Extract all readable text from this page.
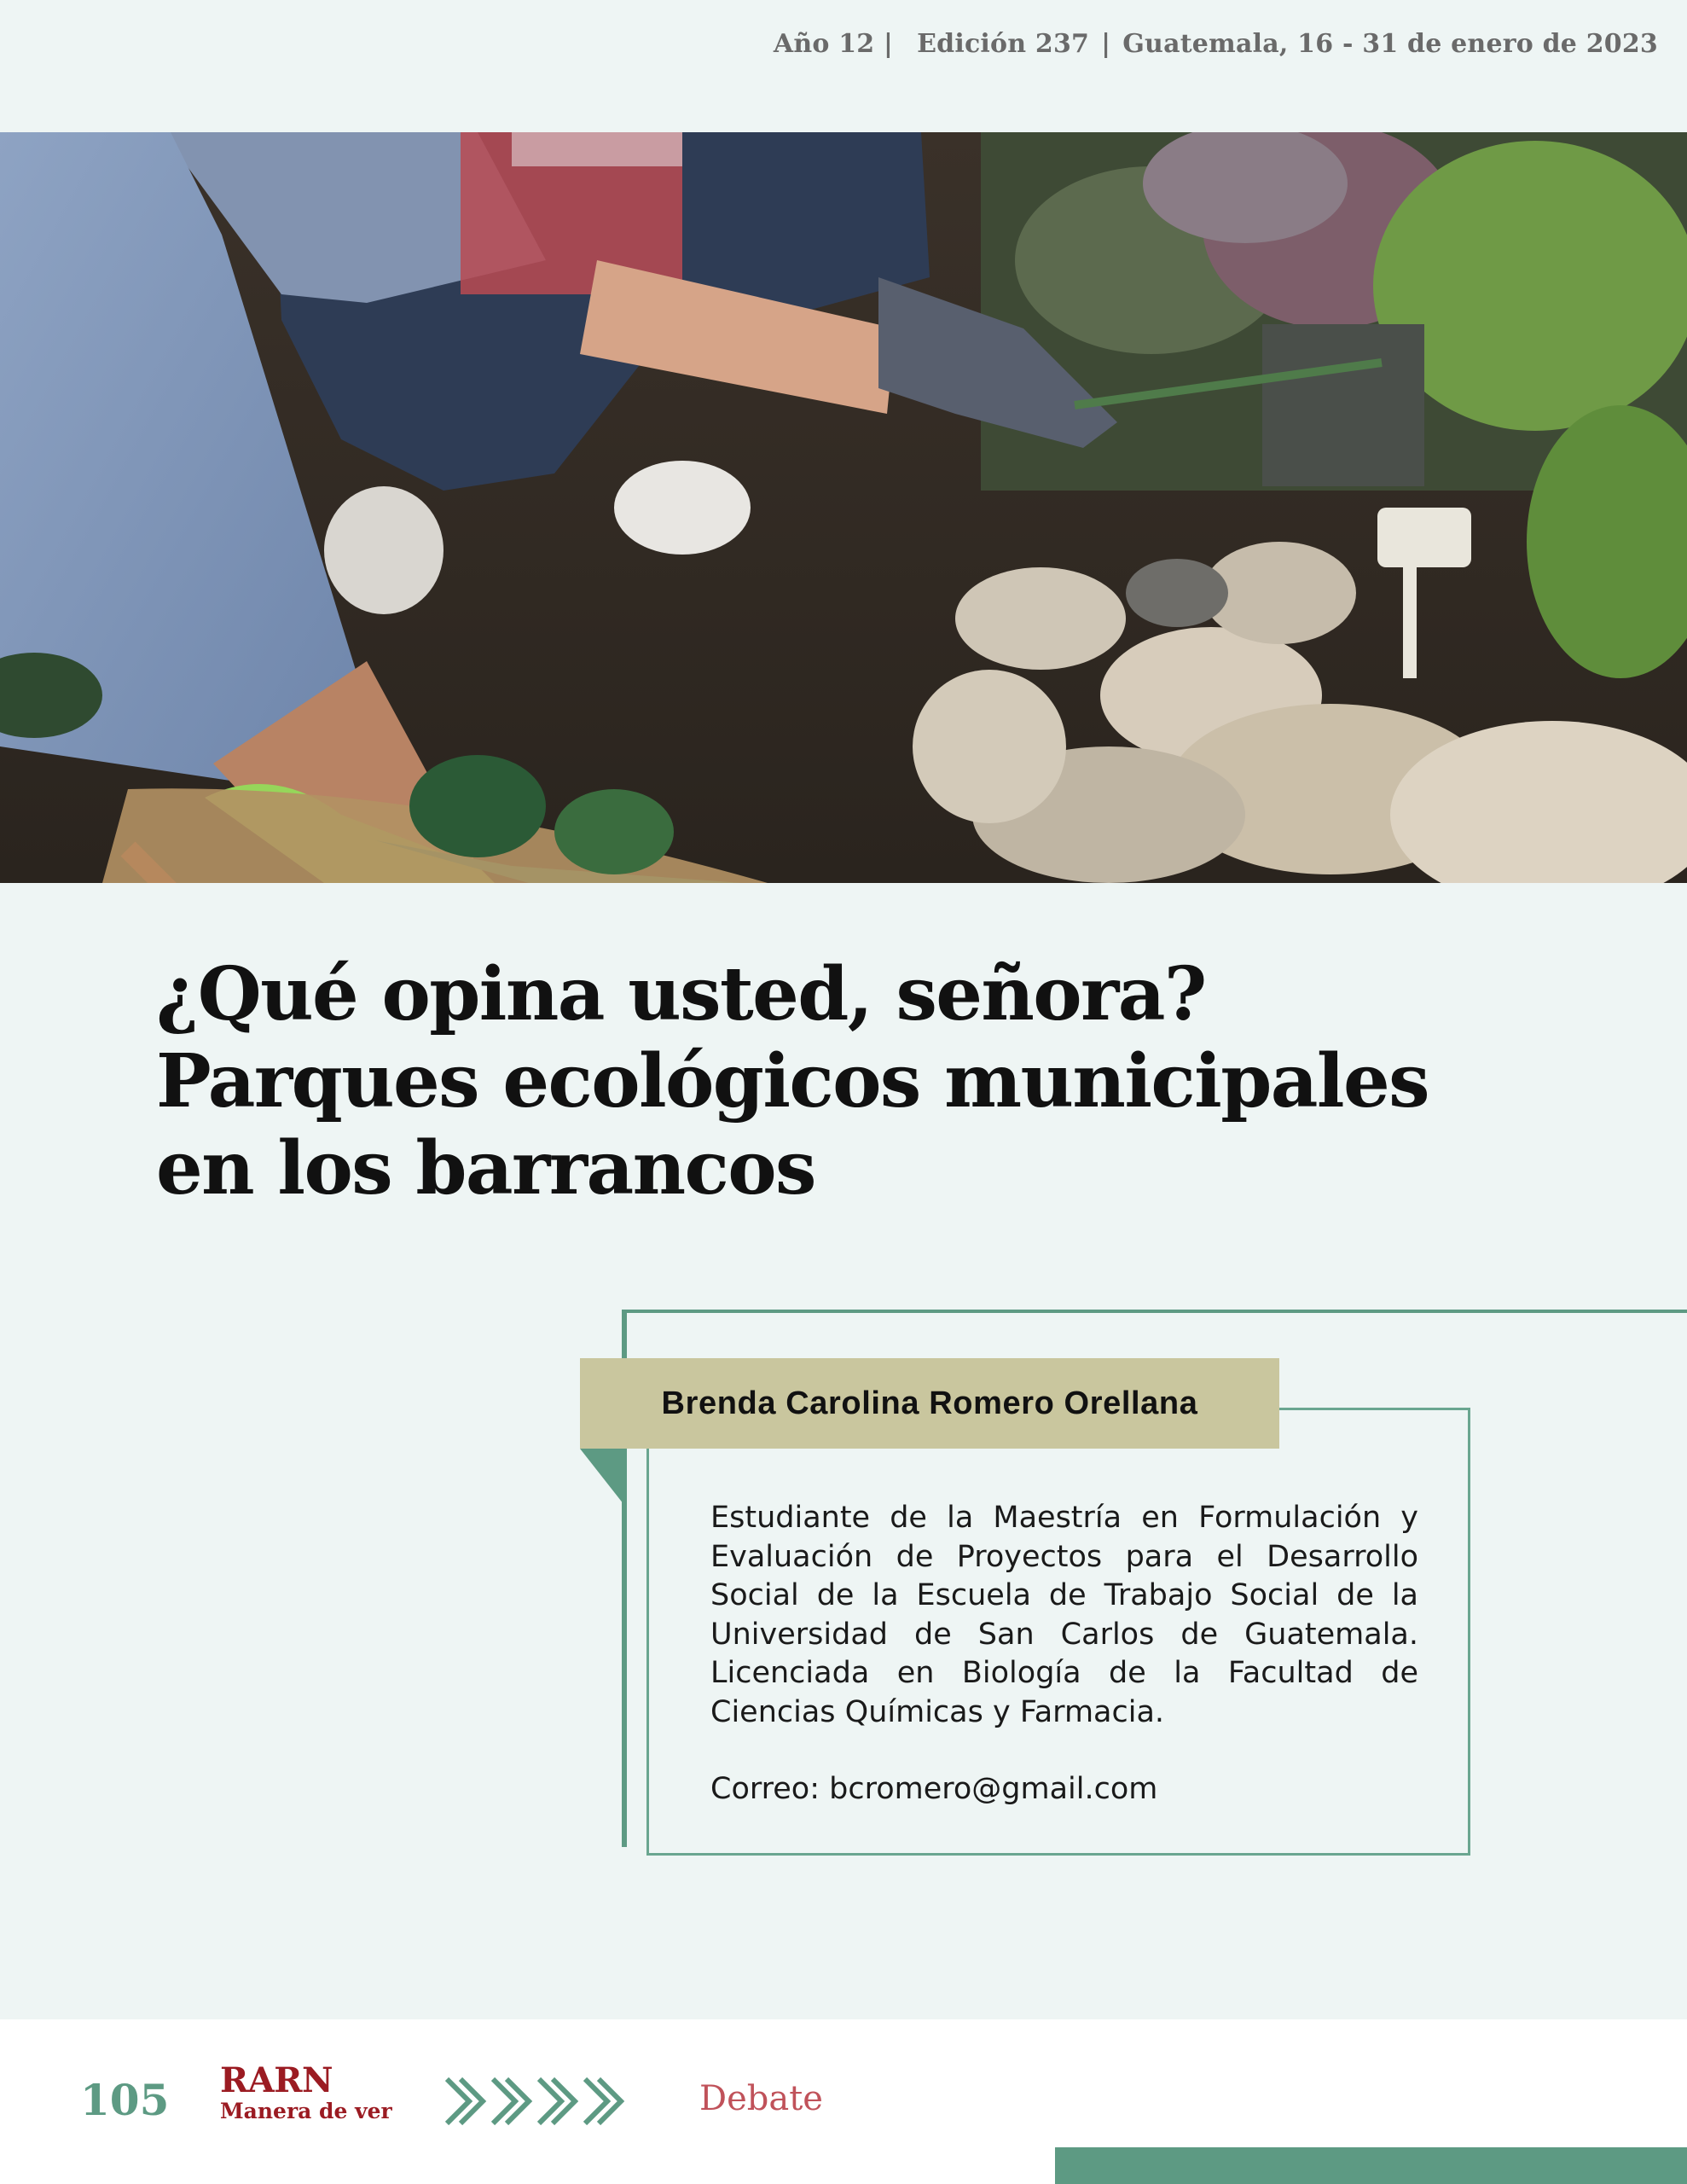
Año 12 | Edición 237 | Guatemala, 16 - 31 de enero de 2023
¿Qué opina usted, señora?
Parques ecológicos municipales
en los barrancos
Brenda Carolina Romero Orellana

Estudiante de la Maestría en Formulación y Evaluación de Proyectos para el Desarrollo Social de la Escuela de Trabajo Social de la Universidad de San Carlos de Guatemala. Licenciada en Biología de la Facultad de Ciencias Químicas y Farmacia.

Correo: bcromero@gmail.com

105 RARN
Manera de ver	Debate
